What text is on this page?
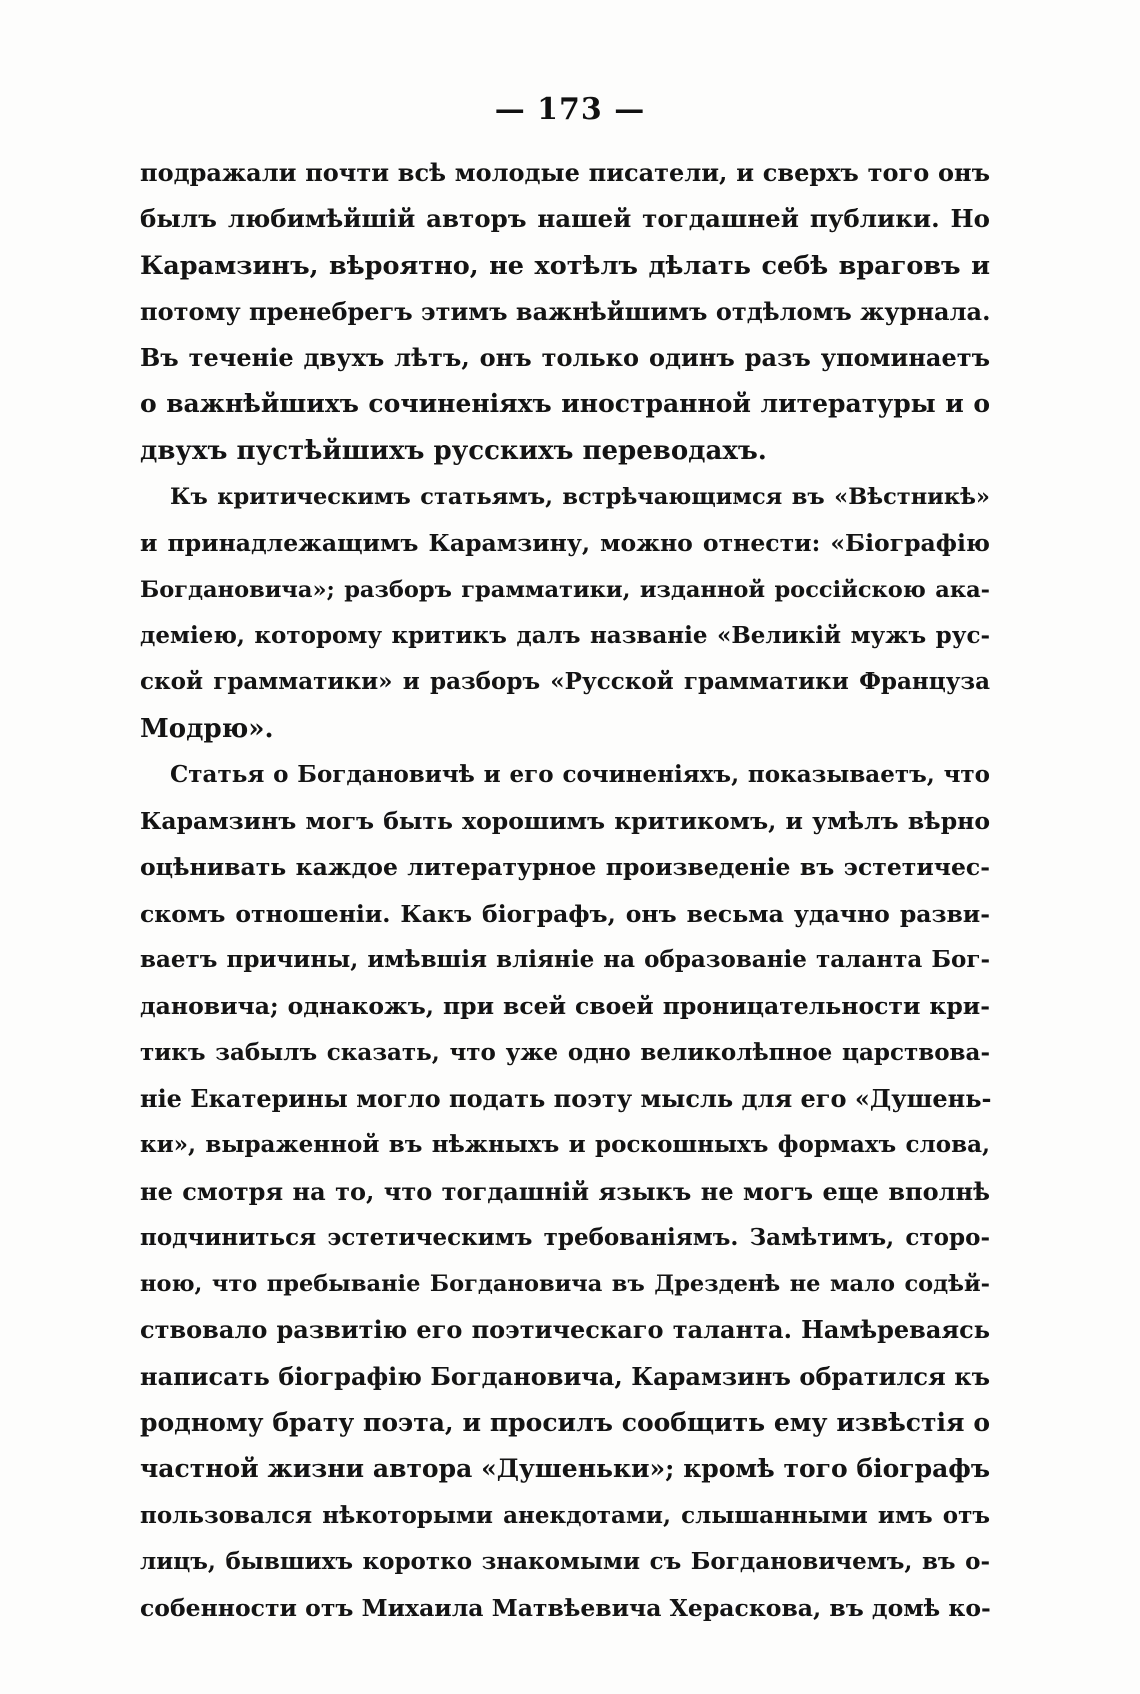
— 173 —
подражали почти всѣ молодые писатели, и сверхъ того онъ
былъ любимѣйшій авторъ нашей тогдашней публики. Но
Карамзинъ, вѣроятно, не хотѣлъ дѣлать себѣ враговъ и
потому пренебрегъ этимъ важнѣйшимъ отдѣломъ журнала.
Въ теченіе двухъ лѣтъ, онъ только одинъ разъ упоминаетъ
о важнѣйшихъ сочиненіяхъ иностранной литературы и о
двухъ пустѣйшихъ русскихъ переводахъ.
Къ критическимъ статьямъ, встрѣчающимся въ «Вѣстникѣ»
и принадлежащимъ Карамзину, можно отнести: «Біографію
Богдановича»; разборъ грамматики, изданной россійскою ака-
деміею, которому критикъ далъ названіе «Великій мужъ рус-
ской грамматики» и разборъ «Русской грамматики Француза
Модрю».
Статья о Богдановичѣ и его сочиненіяхъ, показываетъ, что
Карамзинъ могъ быть хорошимъ критикомъ, и умѣлъ вѣрно
оцѣнивать каждое литературное произведеніе въ эстетичес-
скомъ отношеніи. Какъ біографъ, онъ весьма удачно разви-
ваетъ причины, имѣвшія вліяніе на образованіе таланта Бог-
дановича; однакожъ, при всей своей проницательности кри-
тикъ забылъ сказать, что уже одно великолѣпное царствова-
ніе Екатерины могло подать поэту мысль для его «Душень-
ки», выраженной въ нѣжныхъ и роскошныхъ формахъ слова,
не смотря на то, что тогдашній языкъ не могъ еще вполнѣ
подчиниться эстетическимъ требованіямъ. Замѣтимъ, сторо-
ною, что пребываніе Богдановича въ Дрезденѣ не мало содѣй-
ствовало развитію его поэтическаго таланта. Намѣреваясь
написать біографію Богдановича, Карамзинъ обратился къ
родному брату поэта, и просилъ сообщить ему извѣстія о
частной жизни автора «Душеньки»; кромѣ того біографъ
пользовался нѣкоторыми анекдотами, слышанными имъ отъ
лицъ, бывшихъ коротко знакомыми съ Богдановичемъ, въ о-
собенности отъ Михаила Матвѣевича Хераскова, въ домѣ ко-
